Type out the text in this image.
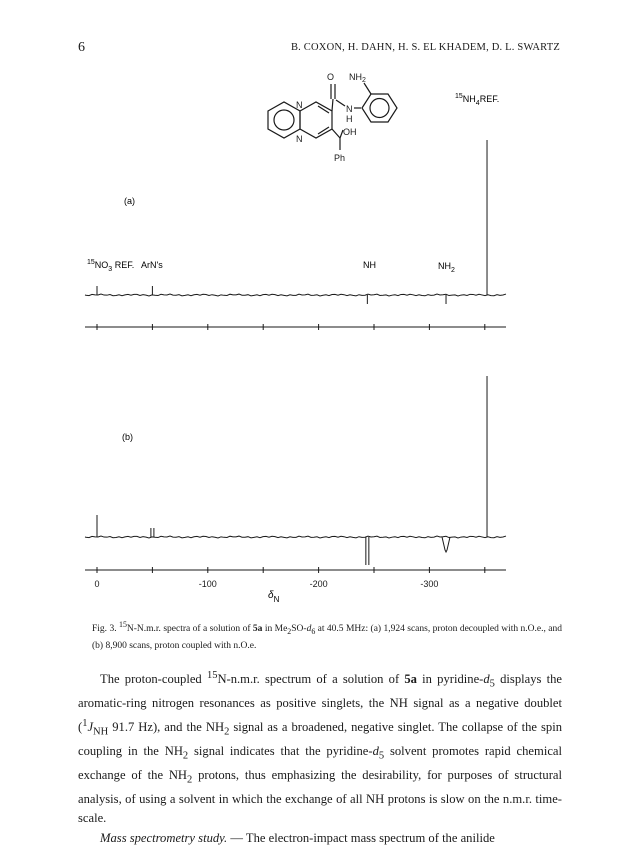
6	B. COXON, H. DAHN, H. S. EL KHADEM, D. L. SWARTZ
O $NH_2$
N
N
N
H
OH
Ph
(a)
$^{15}NO_3$ REF. ArN's	NH	$NH_2$
$^{15}NH_4REF$.
(b)
0	-100	-200	-300
$\delta_N$
Fig. 3. $^{15}$N-N.m.r. spectra of a solution of 5a in $Me_2SO-d_6$ at 40.5 MHz: (a) 1,924 scans, proton decoupled with n.O.e., and (b) 8,900 scans, proton coupled with n.O.e.

The proton-coupled $^{15}$N-n.m.r. spectrum of a solution of 5a in pyridine-$d_5$ displays the aromatic-ring nitrogen resonances as positive singlets, the NH signal as a negative doublet ($^1J_{NH}$ 91.7 Hz), and the $NH_2$ signal as a broadened, negative singlet. The collapse of the spin coupling in the $NH_2$ signal indicates that the pyridine-$d_5$ solvent promotes rapid chemical exchange of the $NH_2$ protons, thus emphasizing the desirability, for purposes of structural analysis, of using a solvent in which the exchange of all NH protons is slow on the n.m.r. time-scale.

Mass spectrometry study. — The electron-impact mass spectrum of the anilide
